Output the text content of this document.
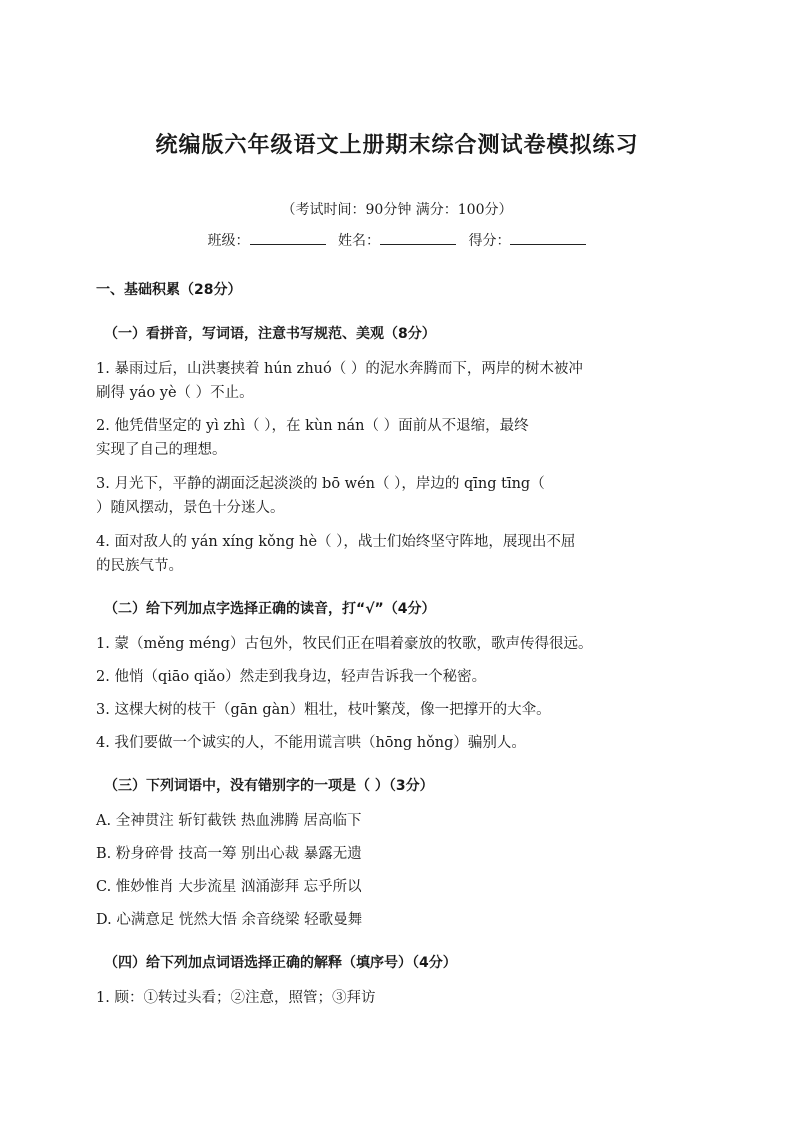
统编版六年级语文上册期末综合测试卷模拟练习
（考试时间：90分钟 满分：100分）
班级：	姓名：	得分：
一、基础积累（28分）
（一）看拼音，写词语，注意书写规范、美观（8分）
1. 暴雨过后，山洪裹挟着 hún zhuó（ ）的泥水奔腾而下，两岸的树木被冲
刷得 yáo yè（ ）不止。
2. 他凭借坚定的 yì zhì（ ），在 kùn nán（ ）面前从不退缩，最终
实现了自己的理想。
3. 月光下，平静的湖面泛起淡淡的 bō wén（ ），岸边的 qīng tīng（
）随风摆动，景色十分迷人。
4. 面对敌人的 yán xíng kǒng hè（ ），战士们始终坚守阵地，展现出不屈
的民族气节。
（二）给下列加点字选择正确的读音，打“√”（4分）
1. 蒙（měng méng）古包外，牧民们正在唱着豪放的牧歌，歌声传得很远。
2. 他悄（qiāo qiǎo）然走到我身边，轻声告诉我一个秘密。
3. 这棵大树的枝干（gān gàn）粗壮，枝叶繁茂，像一把撑开的大伞。
4. 我们要做一个诚实的人，不能用谎言哄（hōng hǒng）骗别人。
（三）下列词语中，没有错别字的一项是（ ）（3分）
A. 全神贯注 斩钉截铁 热血沸腾 居高临下
B. 粉身碎骨 技高一筹 别出心裁 暴露无遗
C. 惟妙惟肖 大步流星 汹涌澎拜 忘乎所以
D. 心满意足 恍然大悟 余音绕梁 轻歌曼舞
（四）给下列加点词语选择正确的解释（填序号）（4分）
1. 顾：①转过头看；②注意，照管；③拜访
